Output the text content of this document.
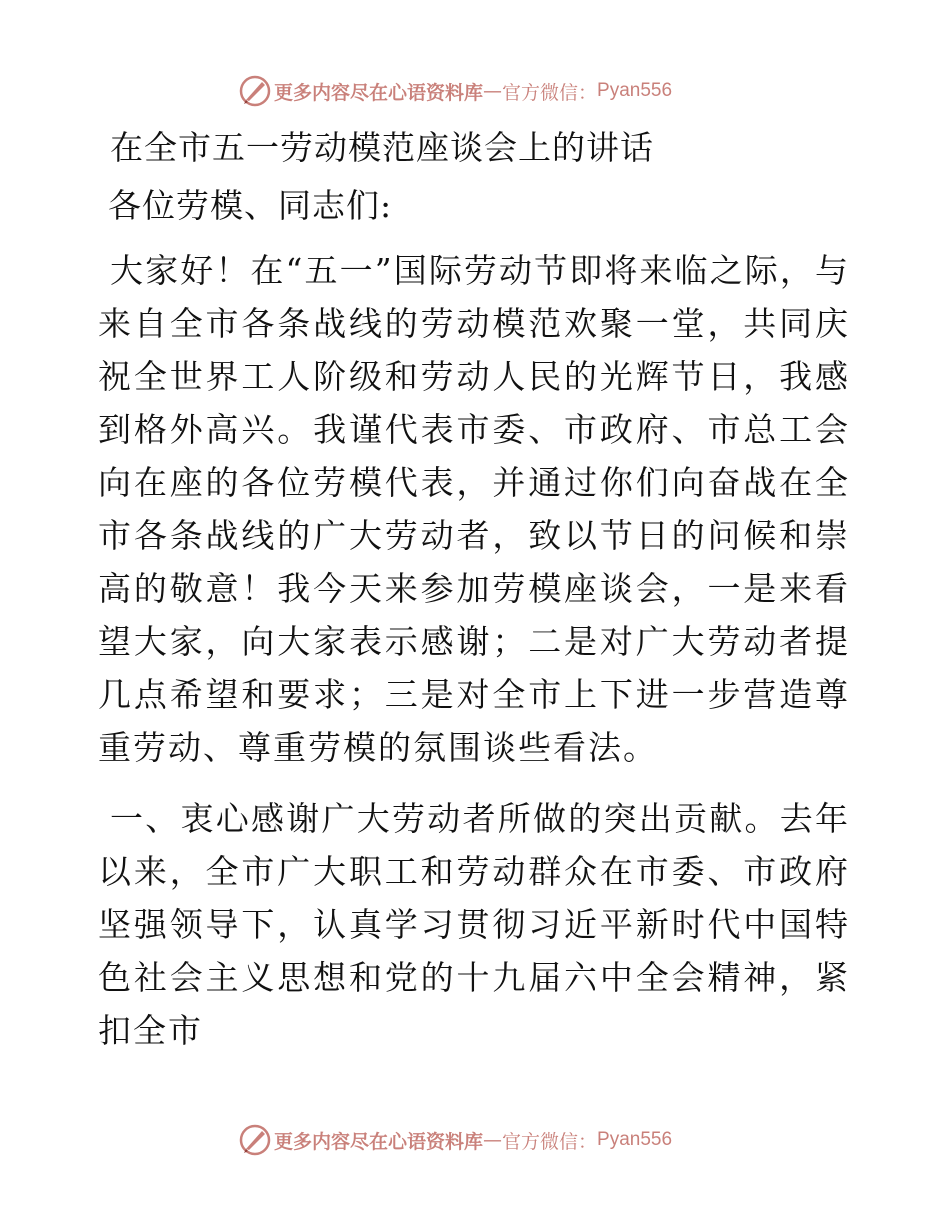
更多内容尽在心语资料库 — 官方微信： Pyan556
在全市五一劳动模范座谈会上的讲话
各位劳模、同志们:

大家好！在“五一”国际劳动节即将来临之际，与来自全市各条战线的劳动模范欢聚一堂，共同庆祝全世界工人阶级和劳动人民的光辉节日，我感到格外高兴。我谨代表市委、市政府、市总工会向在座的各位劳模代表，并通过你们向奋战在全市各条战线的广大劳动者，致以节日的问候和崇高的敬意！我今天来参加劳模座谈会，一是来看望大家，向大家表示感谢；二是对广大劳动者提几点希望和要求；三是对全市上下进一步营造尊重劳动、尊重劳模的氛围谈些看法。

一、衷心感谢广大劳动者所做的突出贡献。去年以来，全市广大职工和劳动群众在市委、市政府坚强领导下，认真学习贯彻习近平新时代中国特色社会主义思想和党的十九届六中全会精神，紧扣全市

更多内容尽在心语资料库 — 官方微信： Pyan556
